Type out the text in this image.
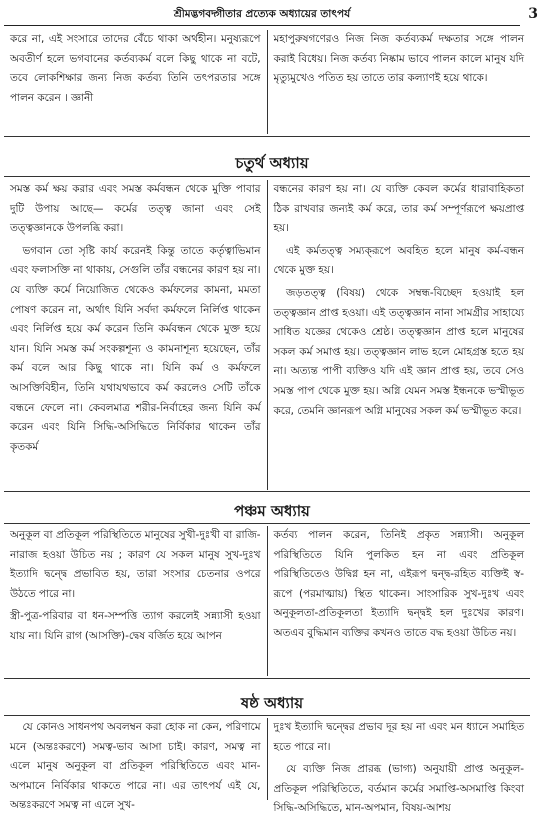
শ্রীমদ্ভগবদ্গীতার প্রত্যেক অধ্যায়ের তাৎপর্য	3

করে না, এই সংসারে তাদের বেঁচে থাকা অর্থহীন। মনুষ্যরূপে অবতীর্ণ হলে ভগবানের কর্তব্যকর্ম বলে কিছু থাকে না বটে, তবে লোকশিক্ষার জন্য নিজ কর্তব্য তিনি তৎপরতার সঙ্গে পালন করেন । জ্ঞানী

মহাপুরুষগণেরও নিজ নিজ কর্তব্যকর্ম দক্ষতার সঙ্গে পালন করাই বিধেয়। নিজ কর্তব্য নিষ্কাম ভাবে পালন কালে মানুষ যদি মৃত্যুমুখেও পতিত হয় তাতে তার কল্যাণই হয়ে থাকে।

চতুর্থ অধ্যায়

সমস্ত কর্ম ক্ষয় করার এবং সমস্ত কর্মবন্ধন থেকে মুক্তি পাবার দুটি উপায় আছে— কর্মের তত্ত্ব জানা এবং সেই তত্ত্বজ্ঞানকে উপলব্ধি করা।

ভগবান তো সৃষ্টি কার্য করেনই কিন্তু তাতে কর্তৃত্বাভিমান এবং ফলাসক্তি না থাকায়, সেগুলি তাঁর বন্ধনের কারণ হয় না। যে ব্যক্তি কর্মে নিয়োজিত থেকেও কর্মফলের কামনা, মমতা পোষণ করেন না, অর্থাৎ যিনি সর্বদা কর্মফলে নির্লিপ্ত থাকেন এবং নির্লিপ্ত হয়ে কর্ম করেন তিনি কর্মবন্ধন থেকে মুক্ত হয়ে যান। যিনি সমস্ত কর্ম সংকল্পশূন্য ও কামনাশূন্য হয়েছেন, তাঁর কর্ম বলে আর কিছু থাকে না। যিনি কর্ম ও কর্মফলে আসক্তিবিহীন, তিনি যথাযথভাবে কর্ম করলেও সেটি তাঁকে বন্ধনে ফেলে না। কেবলমাত্র শরীর-নির্বাহের জন্য যিনি কর্ম করেন এবং যিনি সিদ্ধি-অসিদ্ধিতে নির্বিকার থাকেন তাঁর কৃতকর্ম

বন্ধনের কারণ হয় না। যে ব্যক্তি কেবল কর্মের ধারাবাহিকতা ঠিক রাখবার জন্যই কর্ম করে, তার কর্ম সম্পূর্ণরূপে ক্ষয়প্রাপ্ত হয়।

এই কর্মতত্ত্ব সম্যক্‌রূপে অবহিত হলে মানুষ কর্ম-বন্ধন থেকে মুক্ত হয়।

জড়তত্ত্ব (বিষয়) থেকে সম্বন্ধ-বিচ্ছেদ হওয়াই হল তত্ত্বজ্ঞান প্রাপ্ত হওয়া। এই তত্ত্বজ্ঞান নানা সামগ্রীর সাহায্যে সাধিত যজ্ঞের থেকেও শ্রেষ্ঠ। তত্ত্বজ্ঞান প্রাপ্ত হলে মানুষের সকল কর্ম সমাপ্ত হয়। তত্ত্বজ্ঞান লাভ হলে মোহগ্রস্ত হতে হয় না। অত্যন্ত পাপী ব্যক্তিও যদি এই জ্ঞান প্রাপ্ত হয়, তবে সেও সমস্ত পাপ থেকে মুক্ত হয়। অগ্নি যেমন সমস্ত ইন্ধনকে ভস্মীভূত করে, তেমনি জ্ঞানরূপ অগ্নি মানুষের সকল কর্ম ভস্মীভূত করে।

পঞ্চম অধ্যায়

অনুকূল বা প্রতিকূল পরিস্থিতিতে মানুষের সুখী-দুঃখী বা রাজি-নারাজ হওয়া উচিত নয় ; কারণ যে সকল মানুষ সুখ-দুঃখ ইত্যাদি দ্বন্দ্বে প্রভাবিত হয়, তারা সংসার চেতনার ওপরে উঠতে পারে না।

স্ত্রী-পুত্র-পরিবার বা ধন-সম্পত্তি ত্যাগ করলেই সন্ন্যাসী হওয়া যায় না। যিনি রাগ (আসক্তি)-দ্বেষ বর্জিত হয়ে আপন

কর্তব্য পালন করেন, তিনিই প্রকৃত সন্ন্যাসী। অনুকূল পরিস্থিতিতে যিনি পুলকিত হন না এবং প্রতিকূল পরিস্থিতিতেও উদ্বিগ্ন হন না, এইরূপ দ্বন্দ্ব-রহিত ব্যক্তিই স্ব-রূপে (পরমাত্মায়) স্থিত থাকেন। সাংসারিক সুখ-দুঃখ এবং অনুকূলতা-প্রতিকূলতা ইত্যাদি দ্বন্দ্বই হল দুঃখের কারণ। অতএব বুদ্ধিমান ব্যক্তির কখনও তাতে বদ্ধ হওয়া উচিত নয়।

ষষ্ঠ অধ্যায়

যে কোনও সাধনপথ অবলম্বন করা হোক না কেন, পরিণামে মনে (অন্তঃকরণে) সমত্ব-ভাব আসা চাই। কারণ, সমত্ব না এলে মানুষ অনুকূল বা প্রতিকূল পরিস্থিতিতে এবং মান-অপমানে নির্বিকার থাকতে পারে না। এর তাৎপর্য এই যে, অন্তঃকরণে সমত্ব না এলে সুখ-

দুঃখ ইত্যাদি দ্বন্দ্বের প্রভাব দূর হয় না এবং মন ধ্যানে সমাহিত হতে পারে না।

যে ব্যক্তি নিজ প্রারব্ধ (ভাগ্য) অনুযায়ী প্রাপ্ত অনুকূল-প্রতিকূল পরিস্থিতিতে, বর্তমান কর্মের সমাপ্তি-অসমাপ্তি কিংবা সিদ্ধি-অসিদ্ধিতে, মান-অপমান, বিষয়-আশয়
